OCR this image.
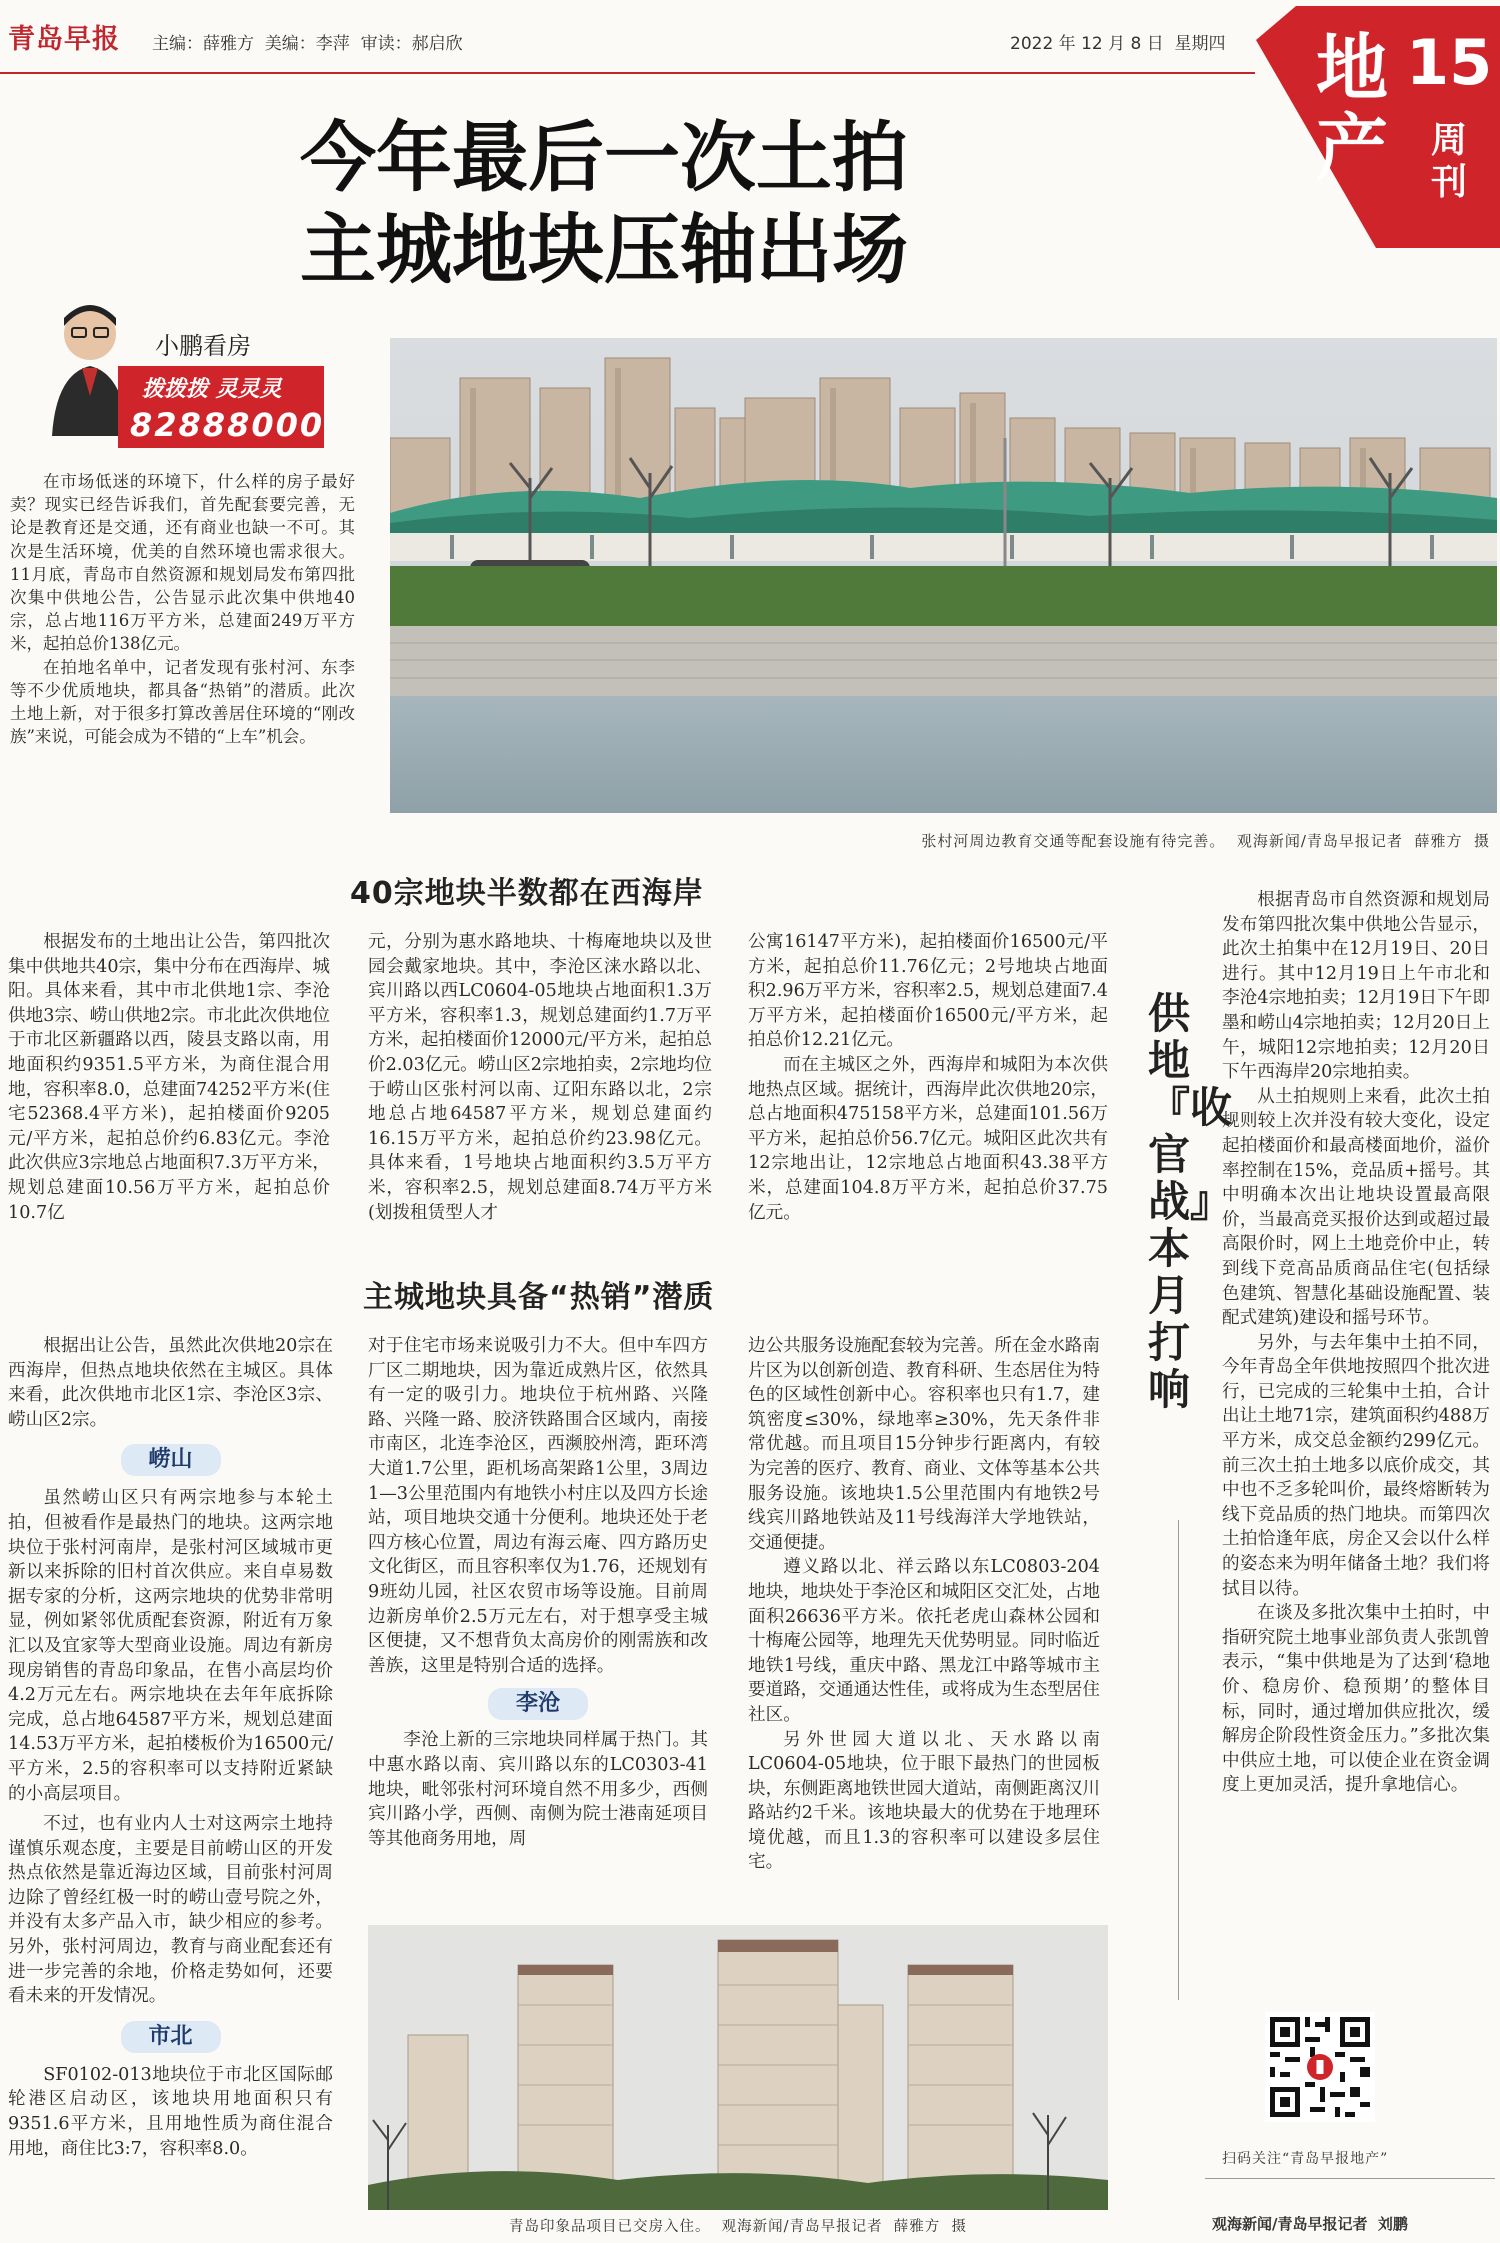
青岛早报 主编：薛雅方  美编：李萍  审读：郝启欣	2022 年 12 月 8 日  星期四 地产
15
周刊
今年最后一次土拍
主城地块压轴出场
小鹏看房
拨拨拨 灵灵灵
82888000

在市场低迷的环境下，什么样的房子最好卖？现实已经告诉我们，首先配套要完善，无论是教育还是交通，还有商业也缺一不可。其次是生活环境，优美的自然环境也需求很大。11月底，青岛市自然资源和规划局发布第四批次集中供地公告，公告显示此次集中供地40宗，总占地116万平方米，总建面249万平方米，起拍总价138亿元。

在拍地名单中，记者发现有张村河、东李等不少优质地块，都具备“热销”的潜质。此次土地上新，对于很多打算改善居住环境的“刚改族”来说，可能会成为不错的“上车”机会。

张村河周边教育交通等配套设施有待完善。  观海新闻/青岛早报记者  薛雅方  摄
40宗地块半数都在西海岸

根据发布的土地出让公告，第四批次集中供地共40宗，集中分布在西海岸、城阳。具体来看，其中市北供地1宗、李沧供地3宗、崂山供地2宗。市北此次供地位于市北区新疆路以西，陵县支路以南，用地面积约9351.5平方米，为商住混合用地，容积率8.0，总建面74252平方米(住宅52368.4平方米)，起拍楼面价9205元/平方米，起拍总价约6.83亿元。李沧此次供应3宗地总占地面积7.3万平方米，规划总建面10.56万平方米，起拍总价10.7亿

元，分别为惠水路地块、十梅庵地块以及世园会戴家地块。其中，李沧区涞水路以北、宾川路以西LC0604-05地块占地面积1.3万平方米，容积率1.3，规划总建面约1.7万平方米，起拍楼面价12000元/平方米，起拍总价2.03亿元。崂山区2宗地拍卖，2宗地均位于崂山区张村河以南、辽阳东路以北，2宗地总占地64587平方米，规划总建面约16.15万平方米，起拍总价约23.98亿元。具体来看，1号地块占地面积约3.5万平方米，容积率2.5，规划总建面8.74万平方米(划拨租赁型人才

公寓16147平方米)，起拍楼面价16500元/平方米，起拍总价11.76亿元；2号地块占地面积2.96万平方米，容积率2.5，规划总建面7.4万平方米，起拍楼面价16500元/平方米，起拍总价12.21亿元。

而在主城区之外，西海岸和城阳为本次供地热点区域。据统计，西海岸此次供地20宗，总占地面积475158平方米，总建面101.56万平方米，起拍总价56.7亿元。城阳区此次共有12宗地出让，12宗地总占地面积43.38平方米，总建面104.8万平方米，起拍总价37.75亿元。

主城地块具备“热销”潜质

根据出让公告，虽然此次供地20宗在西海岸，但热点地块依然在主城区。具体来看，此次供地市北区1宗、李沧区3宗、崂山区2宗。

崂山

虽然崂山区只有两宗地参与本轮土拍，但被看作是最热门的地块。这两宗地块位于张村河南岸，是张村河区域城市更新以来拆除的旧村首次供应。来自卓易数据专家的分析，这两宗地块的优势非常明显，例如紧邻优质配套资源，附近有万象汇以及宜家等大型商业设施。周边有新房现房销售的青岛印象品，在售小高层均价4.2万元左右。两宗地块在去年年底拆除完成，总占地64587平方米，规划总建面14.53万平方米，起拍楼板价为16500元/平方米，2.5的容积率可以支持附近紧缺的小高层项目。

不过，也有业内人士对这两宗土地持谨慎乐观态度，主要是目前崂山区的开发热点依然是靠近海边区域，目前张村河周边除了曾经红极一时的崂山壹号院之外，并没有太多产品入市，缺少相应的参考。另外，张村河周边，教育与商业配套还有进一步完善的余地，价格走势如何，还要看未来的开发情况。

市北

SF0102-013地块位于市北区国际邮轮港区启动区，该地块用地面积只有9351.6平方米，且用地性质为商住混合用地，商住比3:7，容积率8.0。

对于住宅市场来说吸引力不大。但中车四方厂区二期地块，因为靠近成熟片区，依然具有一定的吸引力。地块位于杭州路、兴隆路、兴隆一路、胶济铁路围合区域内，南接市南区，北连李沧区，西濒胶州湾，距环湾大道1.7公里，距机场高架路1公里，3周边1—3公里范围内有地铁小村庄以及四方长途站，项目地块交通十分便利。地块还处于老四方核心位置，周边有海云庵、四方路历史文化街区，而且容积率仅为1.76，还规划有9班幼儿园，社区农贸市场等设施。目前周边新房单价2.5万元左右，对于想享受主城区便捷，又不想背负太高房价的刚需族和改善族，这里是特别合适的选择。

李沧

李沧上新的三宗地块同样属于热门。其中惠水路以南、宾川路以东的LC0303-41地块，毗邻张村河环境自然不用多少，西侧宾川路小学，西侧、南侧为院士港南延项目等其他商务用地，周

边公共服务设施配套较为完善。所在金水路南片区为以创新创造、教育科研、生态居住为特色的区域性创新中心。容积率也只有1.7，建筑密度≤30%，绿地率≥30%，先天条件非常优越。而且项目15分钟步行距离内，有较为完善的医疗、教育、商业、文体等基本公共服务设施。该地块1.5公里范围内有地铁2号线宾川路地铁站及11号线海洋大学地铁站，交通便捷。

遵义路以北、祥云路以东LC0803-204地块，地块处于李沧区和城阳区交汇处，占地面积26636平方米。依托老虎山森林公园和十梅庵公园等，地理先天优势明显。同时临近地铁1号线，重庆中路、黑龙江中路等城市主要道路，交通通达性佳，或将成为生态型居住社区。

另外世园大道以北、天水路以南LC0604-05地块，位于眼下最热门的世园板块，东侧距离地铁世园大道站，南侧距离汉川路站约2千米。该地块最大的优势在于地理环境优越，而且1.3的容积率可以建设多层住宅。

青岛印象品项目已交房入住。  观海新闻/青岛早报记者  薛雅方  摄
供地『收官战』本月打响

根据青岛市自然资源和规划局发布第四批次集中供地公告显示，此次土拍集中在12月19日、20日进行。其中12月19日上午市北和李沧4宗地拍卖；12月19日下午即墨和崂山4宗地拍卖；12月20日上午，城阳12宗地拍卖；12月20日下午西海岸20宗地拍卖。

从土拍规则上来看，此次土拍规则较上次并没有较大变化，设定起拍楼面价和最高楼面地价，溢价率控制在15%，竞品质+摇号。其中明确本次出让地块设置最高限价，当最高竞买报价达到或超过最高限价时，网上土地竞价中止，转到线下竞高品质商品住宅(包括绿色建筑、智慧化基础设施配置、装配式建筑)建设和摇号环节。

另外，与去年集中土拍不同，今年青岛全年供地按照四个批次进行，已完成的三轮集中土拍，合计出让土地71宗，建筑面积约488万平方米，成交总金额约299亿元。前三次土拍土地多以底价成交，其中也不乏多轮叫价，最终熔断转为线下竞品质的热门地块。而第四次土拍恰逢年底，房企又会以什么样的姿态来为明年储备土地？我们将拭目以待。

在谈及多批次集中土拍时，中指研究院土地事业部负责人张凯曾表示，“集中供地是为了达到‘稳地价、稳房价、稳预期’的整体目标，同时，通过增加供应批次，缓解房企阶段性资金压力。”多批次集中供应土地，可以使企业在资金调度上更加灵活，提升拿地信心。

扫码关注“青岛早报地产”
观海新闻/青岛早报记者  刘鹏
